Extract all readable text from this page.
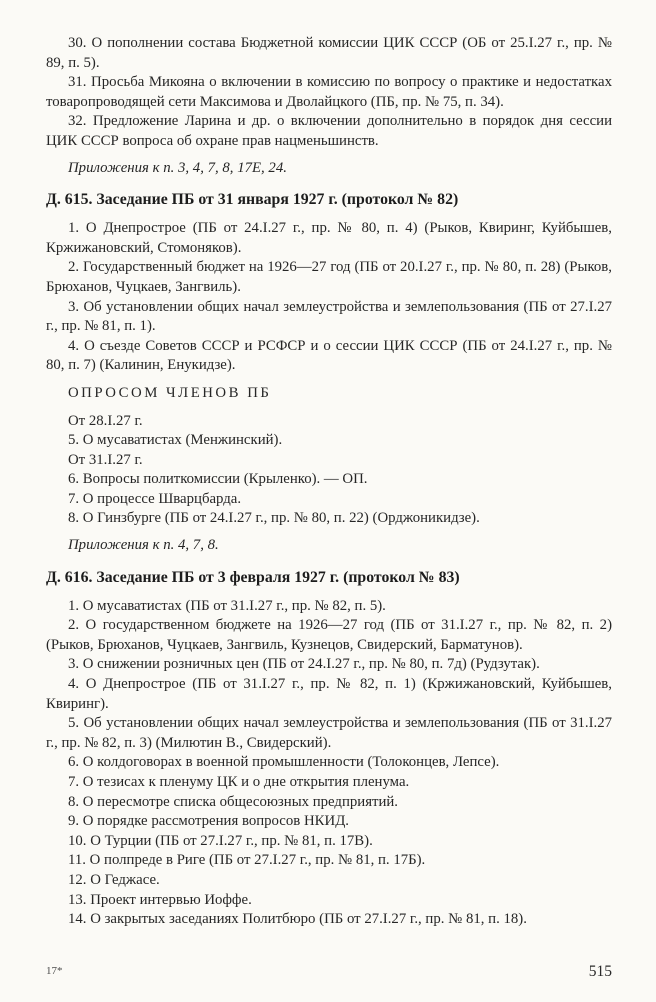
30. О пополнении состава Бюджетной комиссии ЦИК СССР (ОБ от 25.I.27 г., пр. № 89, п. 5).

31. Просьба Микояна о включении в комиссию по вопросу о практике и недостатках товаропроводящей сети Максимова и Дволайцкого (ПБ, пр. № 75, п. 34).

32. Предложение Ларина и др. о включении дополнительно в порядок дня сессии ЦИК СССР вопроса об охране прав нацменьшинств.

Приложения к п. 3, 4, 7, 8, 17Е, 24.

Д. 615. Заседание ПБ от 31 января 1927 г. (протокол № 82)

1. О Днепрострое (ПБ от 24.I.27 г., пр. № 80, п. 4) (Рыков, Квиринг, Куйбышев, Кржижановский, Стомоняков).

2. Государственный бюджет на 1926—27 год (ПБ от 20.I.27 г., пр. № 80, п. 28) (Рыков, Брюханов, Чуцкаев, Зангвиль).

3. Об установлении общих начал землеустройства и землепользования (ПБ от 27.I.27 г., пр. № 81, п. 1).

4. О съезде Советов СССР и РСФСР и о сессии ЦИК СССР (ПБ от 24.I.27 г., пр. № 80, п. 7) (Калинин, Енукидзе).

ОПРОСОМ ЧЛЕНОВ ПБ

От 28.I.27 г.

5. О мусаватистах (Менжинский).

От 31.I.27 г.

6. Вопросы политкомиссии (Крыленко). — ОП.

7. О процессе Шварцбарда.

8. О Гинзбурге (ПБ от 24.I.27 г., пр. № 80, п. 22) (Орджоникидзе).

Приложения к п. 4, 7, 8.

Д. 616. Заседание ПБ от 3 февраля 1927 г. (протокол № 83)

1. О мусаватистах (ПБ от 31.I.27 г., пр. № 82, п. 5).

2. О государственном бюджете на 1926—27 год (ПБ от 31.I.27 г., пр. № 82, п. 2) (Рыков, Брюханов, Чуцкаев, Зангвиль, Кузнецов, Свидерский, Барматунов).

3. О снижении розничных цен (ПБ от 24.I.27 г., пр. № 80, п. 7д) (Рудзутак).

4. О Днепрострое (ПБ от 31.I.27 г., пр. № 82, п. 1) (Кржижановский, Куйбышев, Квиринг).

5. Об установлении общих начал землеустройства и землепользования (ПБ от 31.I.27 г., пр. № 82, п. 3) (Милютин В., Свидерский).

6. О колдоговорах в военной промышленности (Толоконцев, Лепсе).

7. О тезисах к пленуму ЦК и о дне открытия пленума.

8. О пересмотре списка общесоюзных предприятий.

9. О порядке рассмотрения вопросов НКИД.

10. О Турции (ПБ от 27.I.27 г., пр. № 81, п. 17В).

11. О полпреде в Риге (ПБ от 27.I.27 г., пр. № 81, п. 17Б).

12. О Геджасе.

13. Проект интервью Иоффе.

14. О закрытых заседаниях Политбюро (ПБ от 27.I.27 г., пр. № 81, п. 18).

17*	515
